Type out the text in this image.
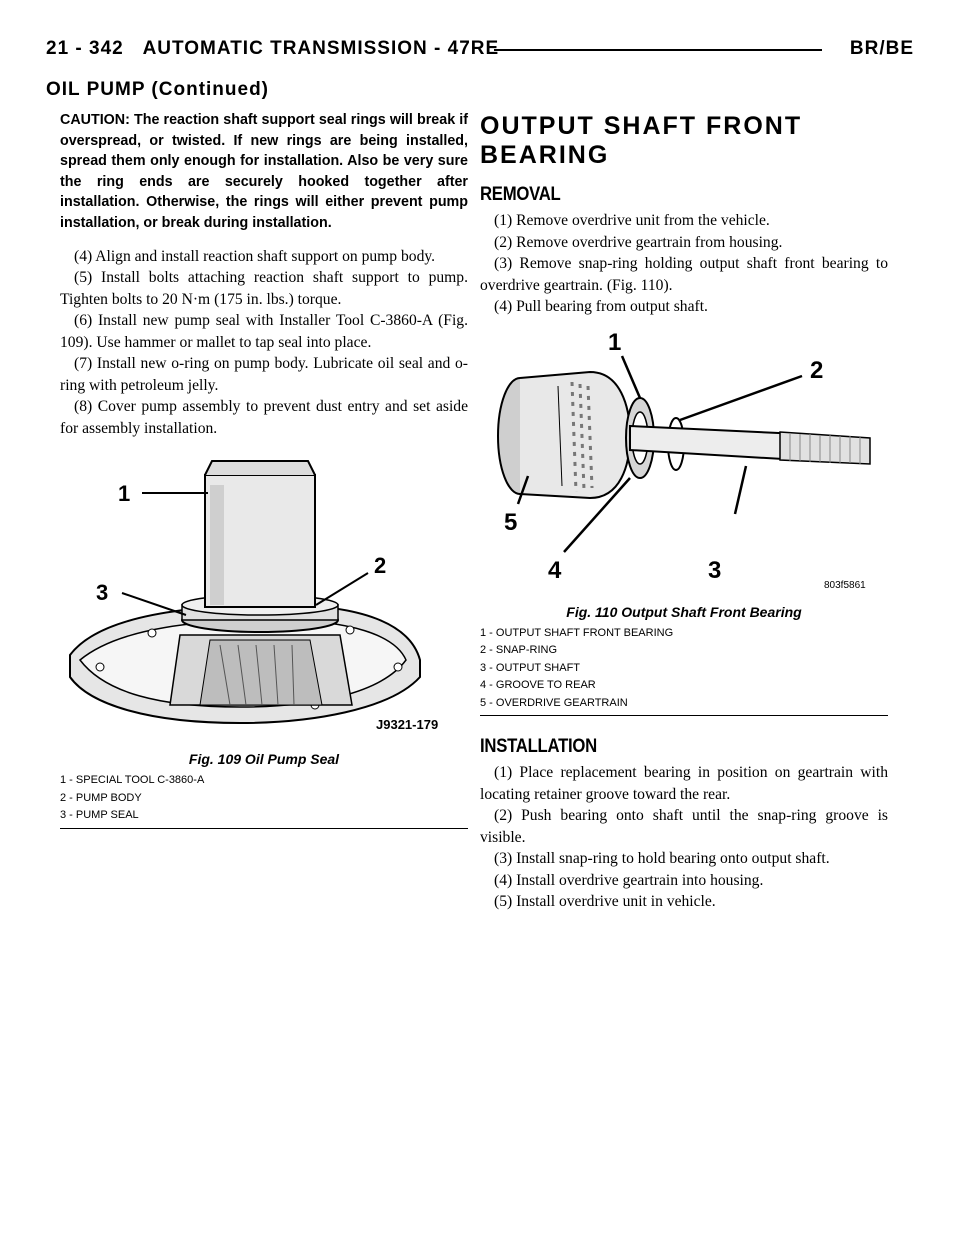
21 - 342 AUTOMATIC TRANSMISSION - 47RE	BR/BE
OIL PUMP (Continued)

CAUTION: The reaction shaft support seal rings will break if overspread, or twisted. If new rings are being installed, spread them only enough for installation. Also be very sure the ring ends are securely hooked together after installation. Otherwise, the rings will either prevent pump installation, or break during installation.

(4) Align and install reaction shaft support on pump body.

(5) Install bolts attaching reaction shaft support to pump. Tighten bolts to 20 N·m (175 in. lbs.) torque.

(6) Install new pump seal with Installer Tool C-3860-A (Fig. 109). Use hammer or mallet to tap seal into place.

(7) Install new o-ring on pump body. Lubricate oil seal and o-ring with petroleum jelly.

(8) Cover pump assembly to prevent dust entry and set aside for assembly installation.

1
3
2
J9321-179
Fig. 109 Oil Pump Seal
1 - SPECIAL TOOL C-3860-A
2 - PUMP BODY
3 - PUMP SEAL
OUTPUT SHAFT FRONT BEARING
REMOVAL

(1) Remove overdrive unit from the vehicle.

(2) Remove overdrive geartrain from housing.

(3) Remove snap-ring holding output shaft front bearing to overdrive geartrain. (Fig. 110).

(4) Pull bearing from output shaft.

1
2
3
4
5
803f5861
Fig. 110 Output Shaft Front Bearing
1 - OUTPUT SHAFT FRONT BEARING
2 - SNAP-RING
3 - OUTPUT SHAFT
4 - GROOVE TO REAR
5 - OVERDRIVE GEARTRAIN
INSTALLATION

(1) Place replacement bearing in position on geartrain with locating retainer groove toward the rear.

(2) Push bearing onto shaft until the snap-ring groove is visible.

(3) Install snap-ring to hold bearing onto output shaft.

(4) Install overdrive geartrain into housing.

(5) Install overdrive unit in vehicle.
